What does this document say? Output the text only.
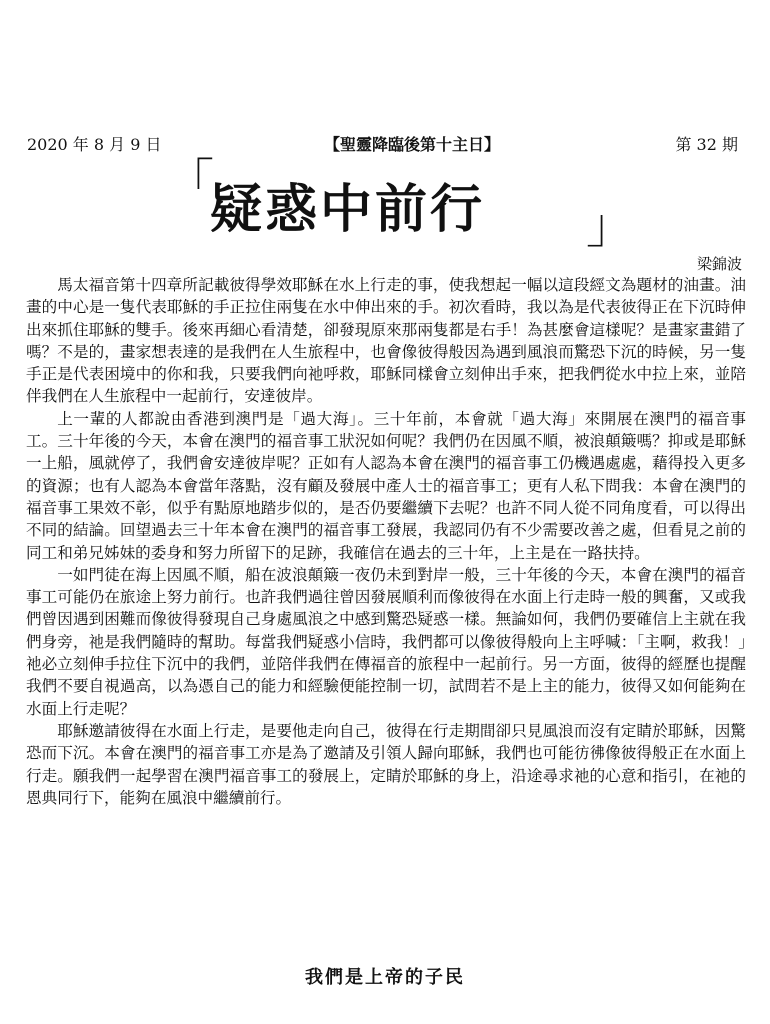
2020 年 8 月 9 日	【聖靈降臨後第十主日】	第 32 期
「
疑惑中前行 」
梁錦波

馬太福音第十四章所記載彼得學效耶穌在水上行走的事，使我想起一幅以這段經文為題材的油畫。油畫的中心是一隻代表耶穌的手正拉住兩隻在水中伸出來的手。初次看時，我以為是代表彼得正在下沉時伸出來抓住耶穌的雙手。後來再細心看清楚，卻發現原來那兩隻都是右手！為甚麼會這樣呢？是畫家畫錯了嗎？不是的，畫家想表達的是我們在人生旅程中，也會像彼得般因為遇到風浪而驚恐下沉的時候，另一隻手正是代表困境中的你和我，只要我們向祂呼救，耶穌同樣會立刻伸出手來，把我們從水中拉上來，並陪伴我們在人生旅程中一起前行，安達彼岸。

上一輩的人都說由香港到澳門是「過大海」。三十年前，本會就「過大海」來開展在澳門的福音事工。三十年後的今天，本會在澳門的福音事工狀況如何呢？我們仍在因風不順，被浪顛簸嗎？抑或是耶穌一上船，風就停了，我們會安達彼岸呢？正如有人認為本會在澳門的福音事工仍機遇處處，藉得投入更多的資源；也有人認為本會當年落點，沒有顧及發展中產人士的福音事工；更有人私下問我：本會在澳門的福音事工果效不彰，似乎有點原地踏步似的，是否仍要繼續下去呢？也許不同人從不同角度看，可以得出不同的結論。回望過去三十年本會在澳門的福音事工發展，我認同仍有不少需要改善之處，但看見之前的同工和弟兄姊妹的委身和努力所留下的足跡，我確信在過去的三十年，上主是在一路扶持。

一如門徒在海上因風不順，船在波浪顛簸一夜仍未到對岸一般，三十年後的今天，本會在澳門的福音事工可能仍在旅途上努力前行。也許我們過往曾因發展順利而像彼得在水面上行走時一般的興奮，又或我們曾因遇到困難而像彼得發現自己身處風浪之中感到驚恐疑惑一樣。無論如何，我們仍要確信上主就在我們身旁，祂是我們隨時的幫助。每當我們疑惑小信時，我們都可以像彼得般向上主呼喊：「主啊，救我！」祂必立刻伸手拉住下沉中的我們，並陪伴我們在傳福音的旅程中一起前行。另一方面，彼得的經歷也提醒我們不要自視過高，以為憑自己的能力和經驗便能控制一切，試問若不是上主的能力，彼得又如何能夠在水面上行走呢？

耶穌邀請彼得在水面上行走，是要他走向自己，彼得在行走期間卻只見風浪而沒有定睛於耶穌，因驚恐而下沉。本會在澳門的福音事工亦是為了邀請及引領人歸向耶穌，我們也可能彷彿像彼得般正在水面上行走。願我們一起學習在澳門福音事工的發展上，定睛於耶穌的身上，沿途尋求祂的心意和指引，在祂的恩典同行下，能夠在風浪中繼續前行。

我們是上帝的子民
